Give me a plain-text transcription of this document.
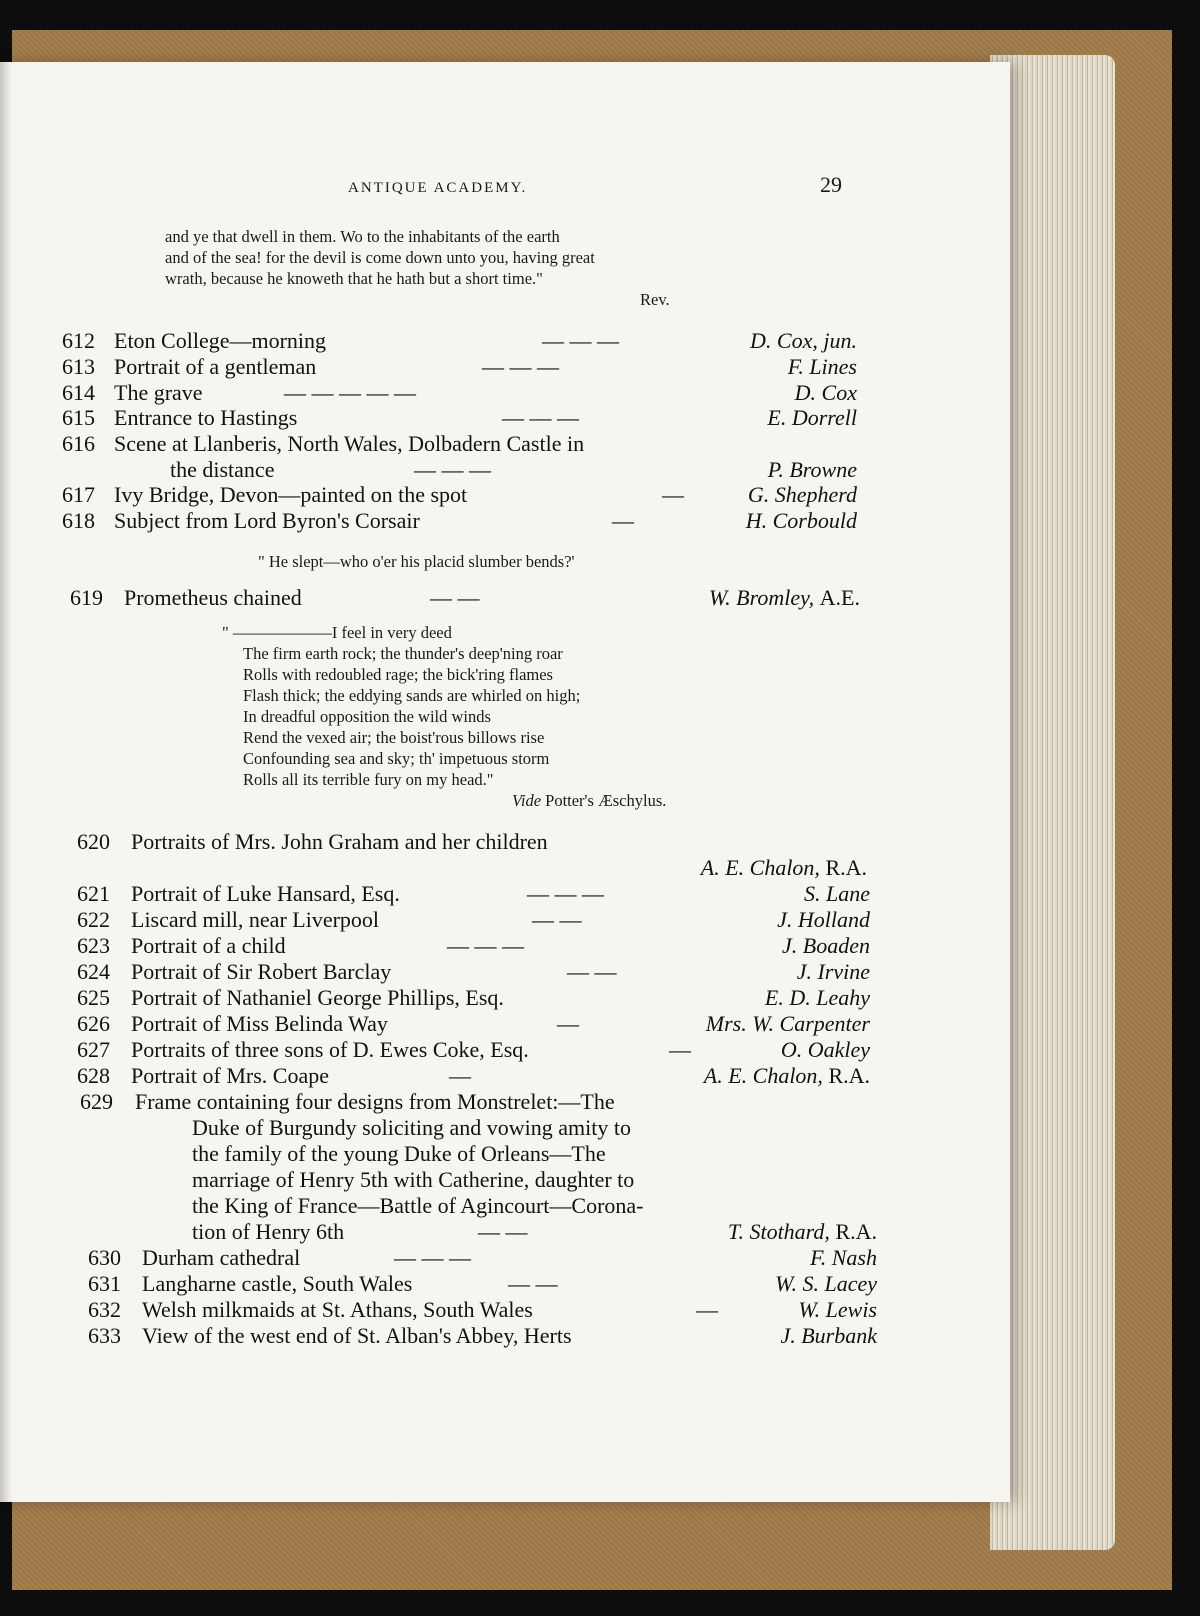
ANTIQUE ACADEMY.	29
and ye that dwell in them. Wo to the inhabitants of the earth
and of the sea! for the devil is come down unto you, having great
wrath, because he knoweth that he hath but a short time."
Rev.
612 Eton College—morning	— — —	D. Cox, jun.
613 Portrait of a gentleman	— — —	F. Lines
614 The grave	— — — — —	D. Cox
615 Entrance to Hastings	— — —	E. Dorrell
616 Scene at Llanberis, North Wales, Dolbadern Castle in
the distance	— — —	P. Browne
617 Ivy Bridge, Devon—painted on the spot	—	G. Shepherd
618 Subject from Lord Byron's Corsair	—	H. Corbould
" He slept—who o'er his placid slumber bends?'
619 Prometheus chained	— —	W. Bromley, A.E.
" ——————I feel in very deed
The firm earth rock; the thunder's deep'ning roar
Rolls with redoubled rage; the bick'ring flames
Flash thick; the eddying sands are whirled on high;
In dreadful opposition the wild winds
Rend the vexed air; the boist'rous billows rise
Confounding sea and sky; th' impetuous storm
Rolls all its terrible fury on my head."
Vide Potter's Æschylus.
620 Portraits of Mrs. John Graham and her children
A. E. Chalon, R.A.
621 Portrait of Luke Hansard, Esq.	— — —	S. Lane
622 Liscard mill, near Liverpool	— —	J. Holland
623 Portrait of a child	— — —	J. Boaden
624 Portrait of Sir Robert Barclay	— —	J. Irvine
625 Portrait of Nathaniel George Phillips, Esq.	E. D. Leahy
626 Portrait of Miss Belinda Way	—	Mrs. W. Carpenter
627 Portraits of three sons of D. Ewes Coke, Esq.	—	O. Oakley
628 Portrait of Mrs. Coape	—	A. E. Chalon, R.A.
629 Frame containing four designs from Monstrelet:—The
Duke of Burgundy soliciting and vowing amity to
the family of the young Duke of Orleans—The
marriage of Henry 5th with Catherine, daughter to
the King of France—Battle of Agincourt—Corona-
tion of Henry 6th	— —	T. Stothard, R.A.
630 Durham cathedral	— — —	F. Nash
631 Langharne castle, South Wales	— —	W. S. Lacey
632 Welsh milkmaids at St. Athans, South Wales	—	W. Lewis
633 View of the west end of St. Alban's Abbey, Herts	J. Burbank
